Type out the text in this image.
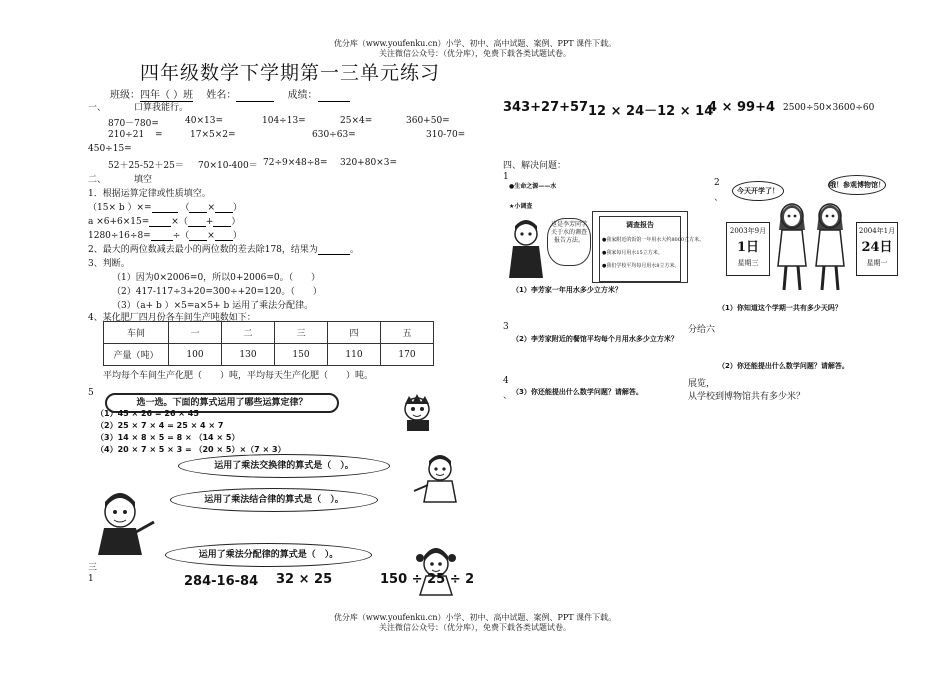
优分库（www.youfenku.cn）小学、初中、高中试题、案例、PPT 课件下载。
关注微信公众号：（优分库），免费下载各类试题试卷。
四年级数学下学期第一三单元练习
班级：四年（ ）班 姓名：	成绩：
一、	口算我能行。
870－780=	40×13=	104÷13=	25×4=	360+50=
210÷21 =	17×5×2=	630÷63=	310-70=
450÷15=
52＋25-52＋25＝ 70×10-400＝ 72÷9×48÷8= 320+80×3=
二、	填空
1．根据运算定律或性质填空。
（15× b ）×=	（ × ）
a ×6+6×15= ×（ + ）
1280÷16÷8= ÷（ × ）
2、最大的两位数减去最小的两位数的差去除178，结果为	。
3、判断。
（1）因为0×2006=0，所以0+2006=0。（　　）
（2）417-117÷3+20=300÷+20=120。（　　）
（3）（a+ b ）×5=a×5+ b 运用了乘法分配律。
4、某化肥厂四月份各车间生产吨数如下：
车间	一	二	三	四	五
产量（吨）	100	130	150	110	170
平均每个车间生产化肥（　　）吨，平均每天生产化肥（　　）吨。
5
选一选。下面的算式运用了哪些运算定律？
（1）45 × 26 = 26 × 45
（2）25 × 7 × 4 = 25 × 4 × 7
（3）14 × 8 × 5 = 8 × （14 × 5）
（4）20 × 7 × 5 × 3 = （20 × 5）×（7 × 3）
运用了乘法交换律的算式是（　）。
运用了乘法结合律的算式是（　）。
运用了乘法分配律的算式是（　）。
三
1	284-16-84 32 × 25	150 ÷ 25 ÷ 2
343+27+57 12 × 24－12 × 14
4 × 99+4 2500÷50×3600÷60
四、解决问题：
1
●生命之源——水
★小调查
这是李芳同学关于水的调查报告方法。
调查报告
●我家附近的饭馆一年用水大约8000立方米。
●我家每月用水15立方米。
●我们学校平均每月用水8立方米。
（1）李芳家一年用水多少立方米？
2
、
今天开学了！
哦！参观博物馆！
2003年9月
1日
星期三
2004年1月
24日
星期一
（1）你知道这个学期一共有多少天吗？
3
（2）李芳家附近的餐馆平均每个月用水多少立方米？
分给六
（2）你还能提出什么数学问题？请解答。
4
、 （3）你还能提出什么数学问题？请解答。
展览，
从学校到博物馆共有多少米？
优分库（www.youfenku.cn）小学、初中、高中试题、案例、PPT 课件下载。
关注微信公众号：（优分库），免费下载各类试题试卷。
